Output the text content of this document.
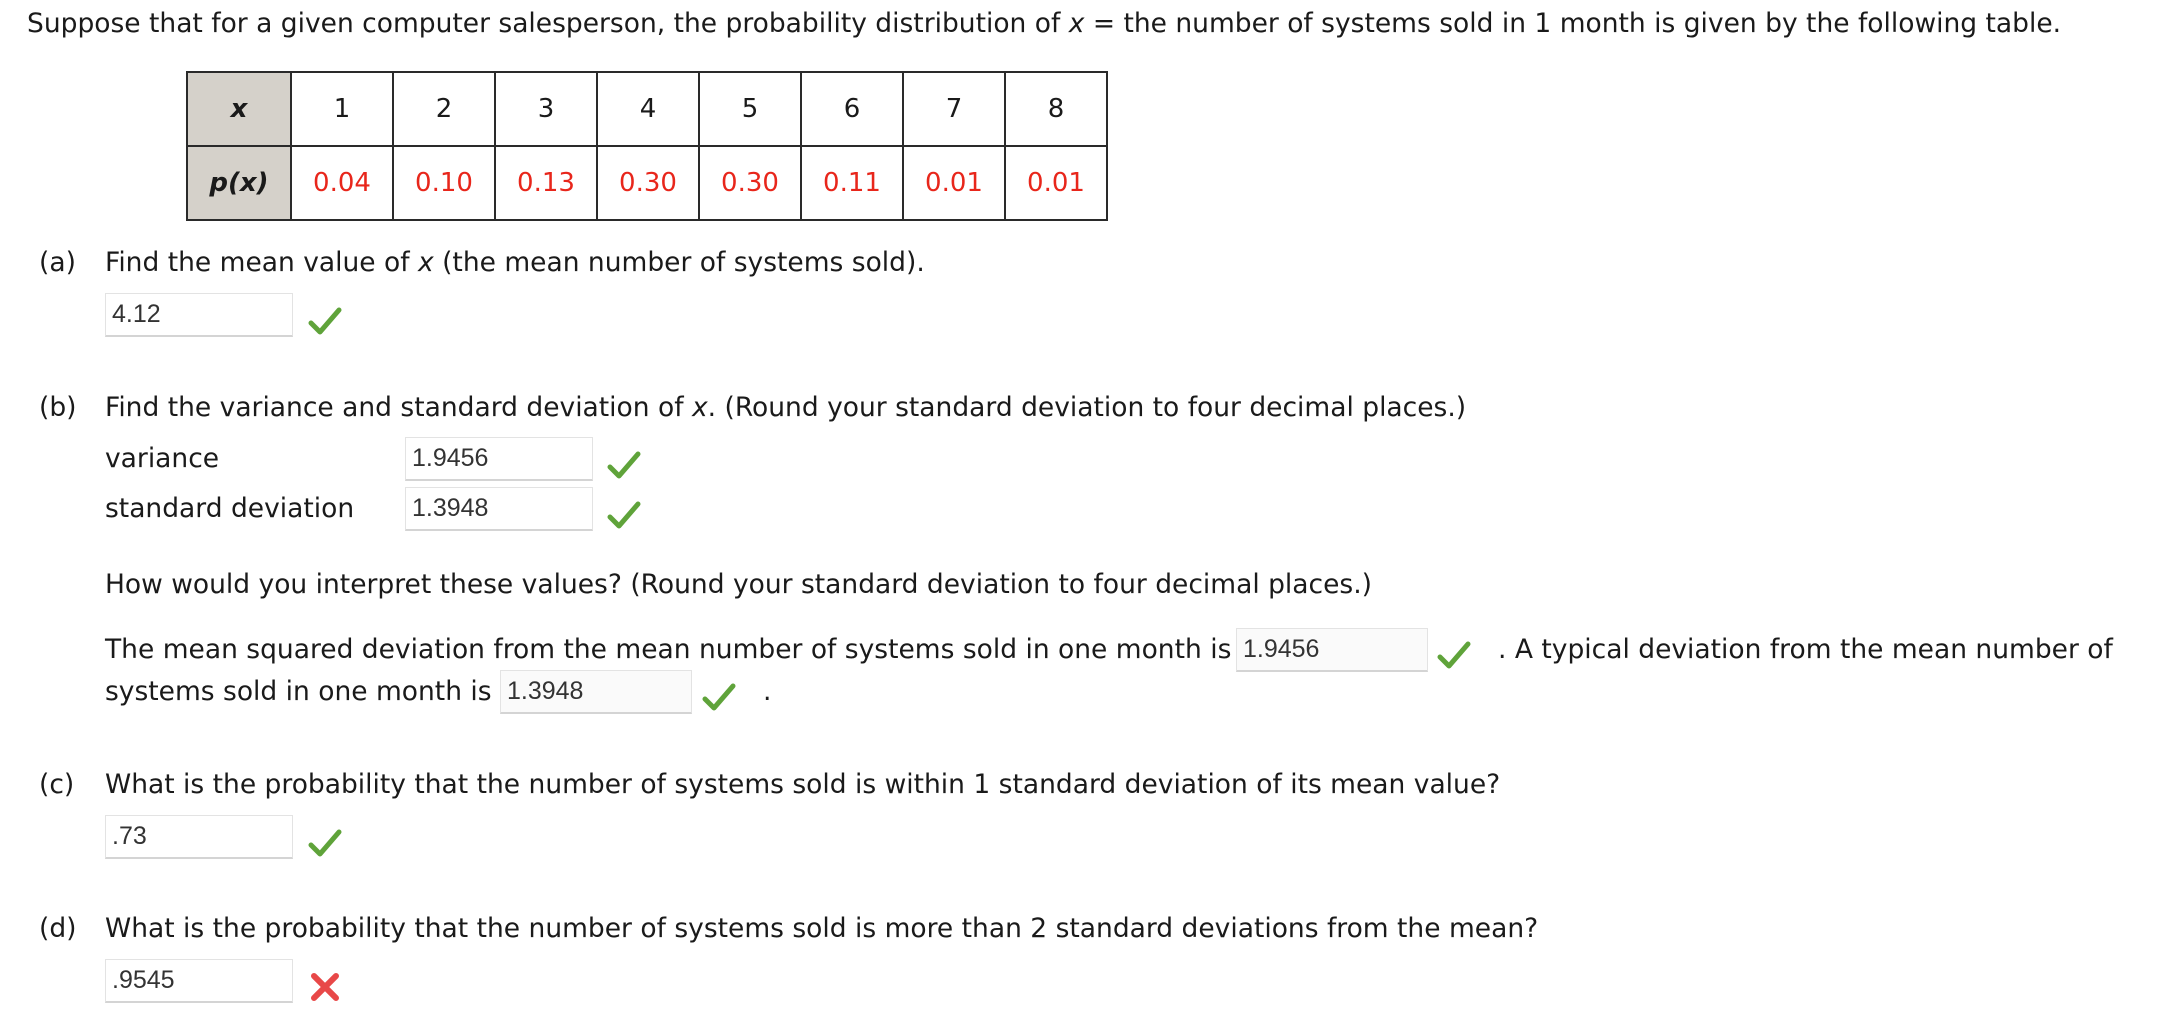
Suppose that for a given computer salesperson, the probability distribution of x = the number of systems sold in 1 month is given by the following table.
x	1	2	3	4	5	6	7	8
p(x)	0.04	0.10	0.13	0.30	0.30	0.11	0.01	0.01
(a) Find the mean value of x (the mean number of systems sold).
4.12
(b) Find the variance and standard deviation of x. (Round your standard deviation to four decimal places.)
variance	1.9456
standard deviation 1.3948
How would you interpret these values? (Round your standard deviation to four decimal places.)
The mean squared deviation from the mean number of systems sold in one month is 1.9456	. A typical deviation from the mean number of
systems sold in one month is 1.3948	.
(c) What is the probability that the number of systems sold is within 1 standard deviation of its mean value?
.73
(d) What is the probability that the number of systems sold is more than 2 standard deviations from the mean?
.9545
